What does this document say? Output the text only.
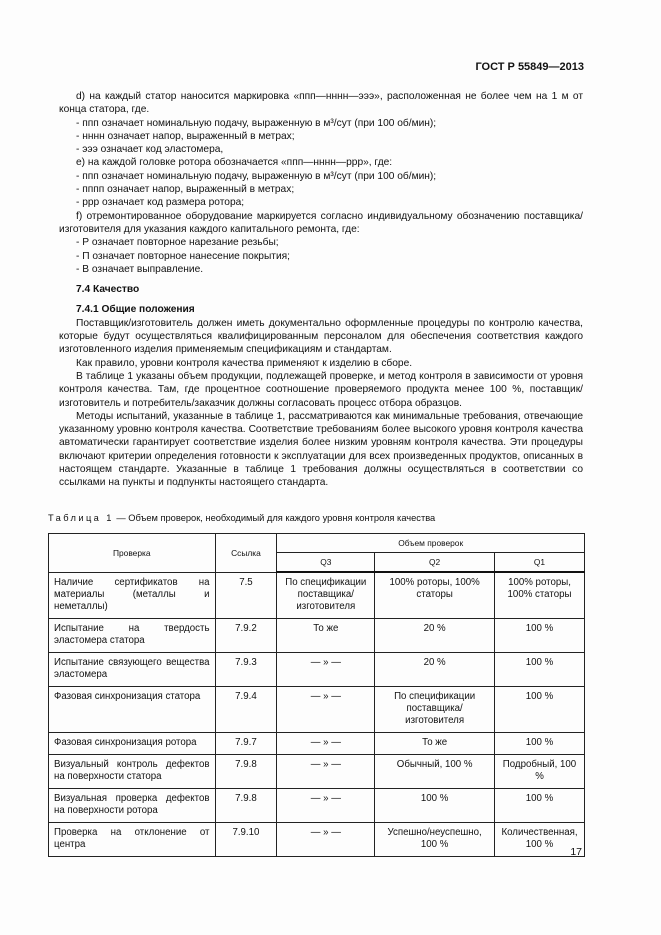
ГОСТ Р 55849—2013
d) на каждый статор наносится маркировка «ппп—нннн—эээ», расположенная не более чем на 1 м от конца статора, где.
- ппп означает номинальную подачу, выраженную в м³/сут (при 100 об/мин);
- нннн означает напор, выраженный в метрах;
- эээ означает код эластомера,
е) на каждой головке ротора обозначается «ппп—нннн—ррр», где:
- ппп означает номинальную подачу, выраженную в м³/сут (при 100 об/мин);
- пппп означает напор, выраженный в метрах;
- ррр означает код размера ротора;
f) отремонтированное оборудование маркируется согласно индивидуальному обозначению поставщика/изготовителя для указания каждого капитального ремонта, где:
- Р означает повторное нарезание резьбы;
- П означает повторное нанесение покрытия;
- В означает выправление.
7.4 Качество
7.4.1 Общие положения
Поставщик/изготовитель должен иметь документально оформленные процедуры по контролю качества, которые будут осуществляться квалифицированным персоналом для обеспечения соответствия каждого изготовленного изделия применяемым спецификациям и стандартам.
Как правило, уровни контроля качества применяют к изделию в сборе.
В таблице 1 указаны объем продукции, подлежащей проверке, и метод контроля в зависимости от уровня контроля качества. Там, где процентное соотношение проверяемого продукта менее 100 %, поставщик/изготовитель и потребитель/заказчик должны согласовать процесс отбора образцов.
Методы испытаний, указанные в таблице 1, рассматриваются как минимальные требования, отвечающие указанному уровню контроля качества. Соответствие требованиям более высокого уровня контроля качества автоматически гарантирует соответствие изделия более низким уровням контроля качества. Эти процедуры включают критерии определения готовности к эксплуатации для всех произведенных продуктов, описанных в настоящем стандарте. Указанные в таблице 1 требования должны осуществляться в соответствии со ссылками на пункты и подпункты настоящего стандарта.
Таблица 1 — Объем проверок, необходимый для каждого уровня контроля качества
Проверка	Ссылка	Объем проверок		
		Q3	Q2	Q1
Наличие сертификатов на материалы (металлы и неметаллы)	7.5	По спецификации поставщика/изготовителя	100% роторы, 100% статоры	100% роторы, 100% статоры
Испытание на твердость эластомера статора	7.9.2	То же	20 %	100 %
Испытание связующего вещества эластомера	7.9.3	— » —	20 %	100 %
Фазовая синхронизация статора	7.9.4	— » —	По спецификации поставщика/изготовителя	100 %
Фазовая синхронизация ротора	7.9.7	— » —	То же	100 %
Визуальный контроль дефектов на поверхности статора	7.9.8	— » —	Обычный, 100 %	Подробный, 100 %
Визуальная проверка дефектов на поверхности ротора	7.9.8	— » —	100 %	100 %
Проверка на отклонение от центра	7.9.10	— » —	Успешно/неуспешно, 100 %	Количественная, 100 %
17
